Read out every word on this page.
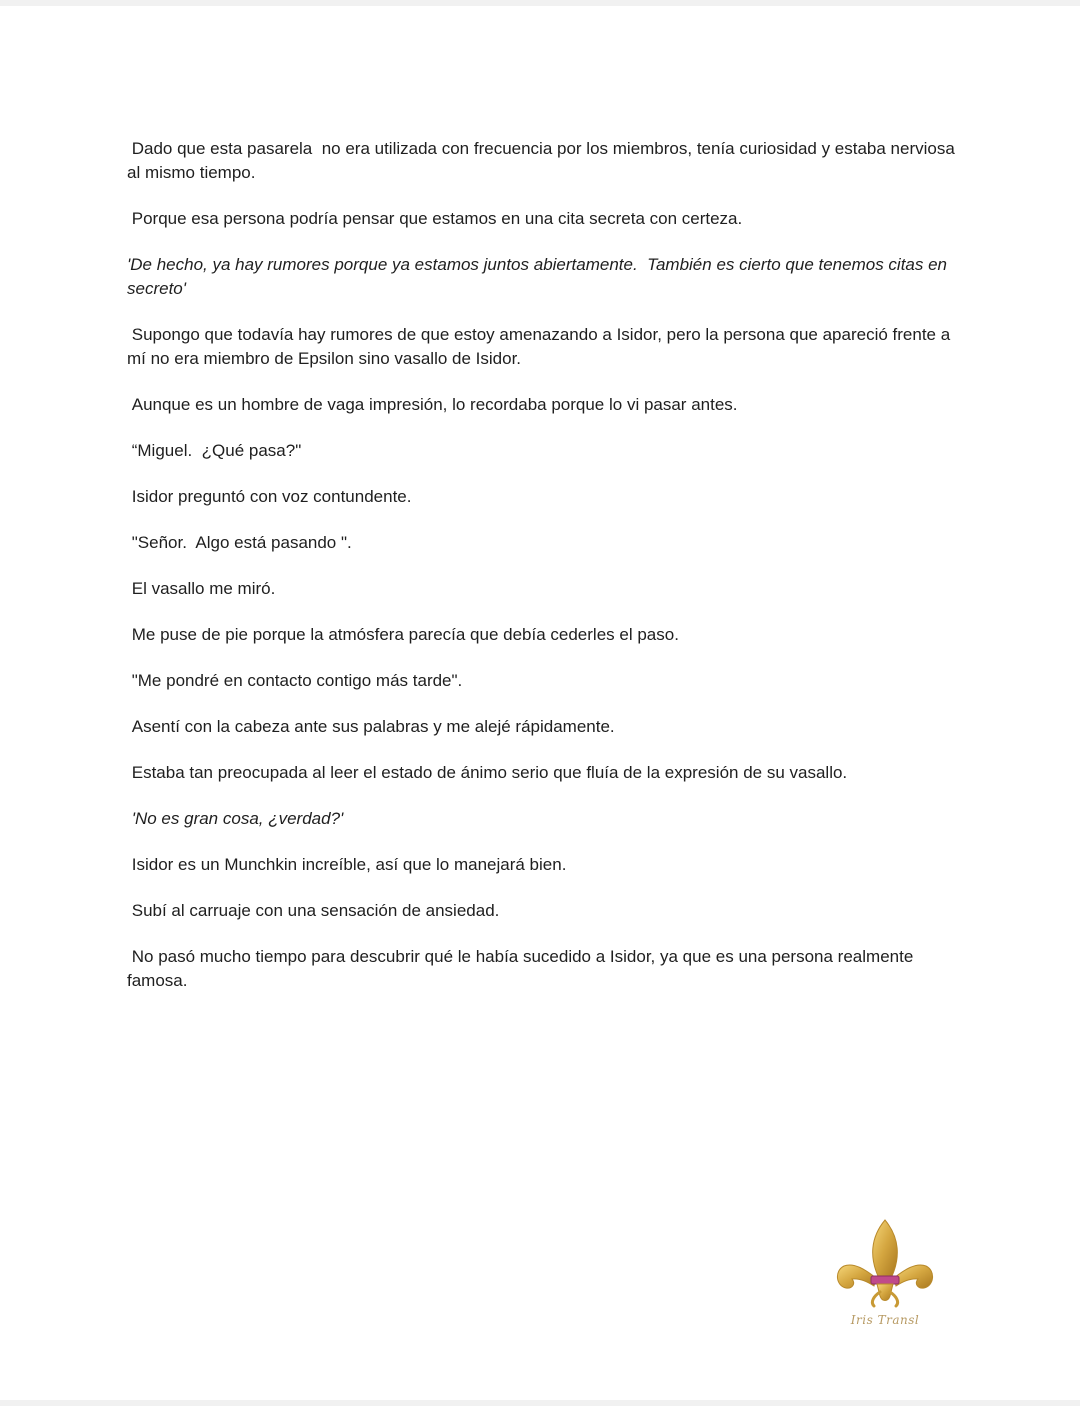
Dado que esta pasarela  no era utilizada con frecuencia por los miembros, tenía curiosidad y estaba nerviosa al mismo tiempo.

Porque esa persona podría pensar que estamos en una cita secreta con certeza.

'De hecho, ya hay rumores porque ya estamos juntos abiertamente.  También es cierto que tenemos citas en secreto'

Supongo que todavía hay rumores de que estoy amenazando a Isidor, pero la persona que apareció frente a mí no era miembro de Epsilon sino vasallo de Isidor.

Aunque es un hombre de vaga impresión, lo recordaba porque lo vi pasar antes.

“Miguel.  ¿Qué pasa?"

Isidor preguntó con voz contundente.

"Señor.  Algo está pasando ".

El vasallo me miró.

Me puse de pie porque la atmósfera parecía que debía cederles el paso.

"Me pondré en contacto contigo más tarde".

Asentí con la cabeza ante sus palabras y me alejé rápidamente.

Estaba tan preocupada al leer el estado de ánimo serio que fluía de la expresión de su vasallo.

'No es gran cosa, ¿verdad?'

Isidor es un Munchkin increíble, así que lo manejará bien.

Subí al carruaje con una sensación de ansiedad.

No pasó mucho tiempo para descubrir qué le había sucedido a Isidor, ya que es una persona realmente famosa.

Iris Transl
